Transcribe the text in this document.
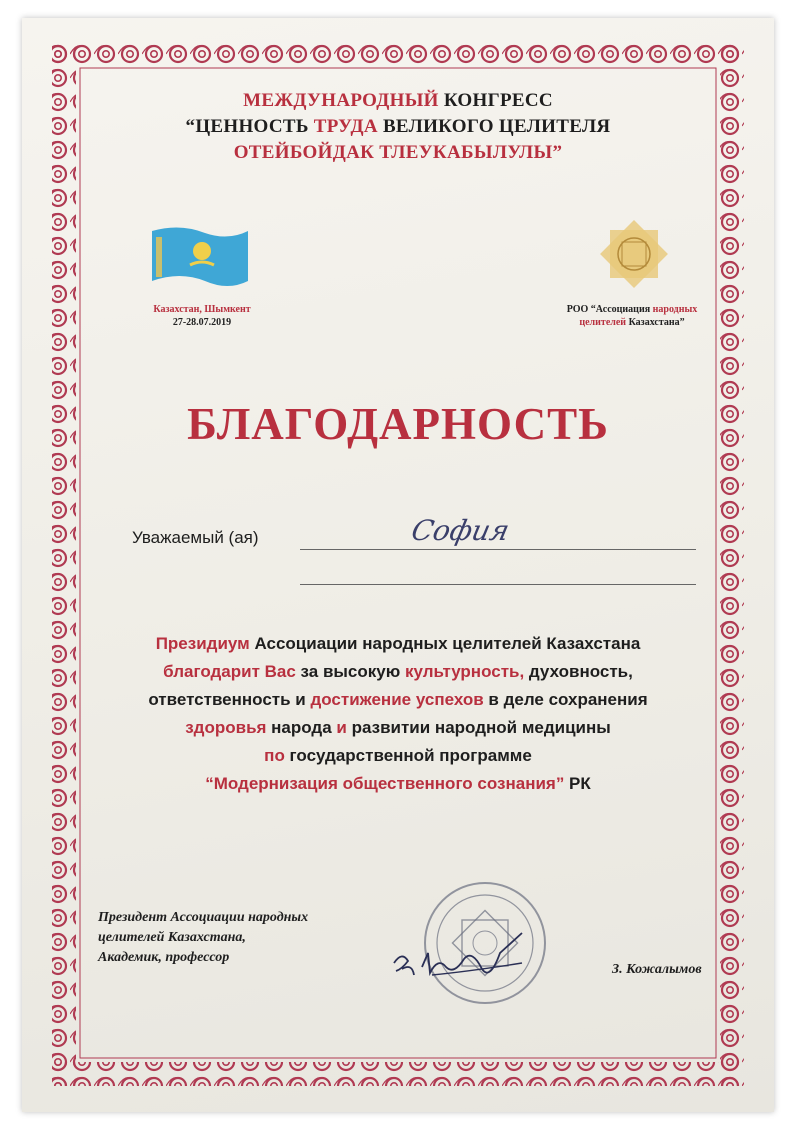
МЕЖДУНАРОДНЫЙ КОНГРЕСС
“ЦЕННОСТЬ ТРУДА ВЕЛИКОГО ЦЕЛИТЕЛЯ
ОТЕЙБОЙДАК ТЛЕУКАБЫЛУЛЫ”
Казахстан, Шымкент
27-28.07.2019
РОО “Ассоциация народных
целителей Казахстана”
БЛАГОДАРНОСТЬ
Уважаемый (ая)	София
Президиум Ассоциации народных целителей Казахстана
благодарит Вас за высокую культурность, духовность,
ответственность и достижение успехов в деле сохранения
здоровья народа и развитии народной медицины
по государственной программе
“Модернизация общественного сознания” РК
Президент Ассоциации народных
целителей Казахстана,
Академик, профессор
З. Кожалымов
